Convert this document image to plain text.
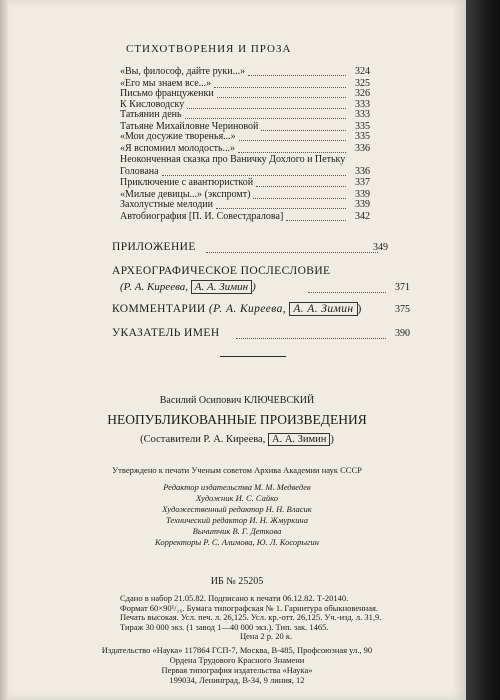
СТИХОТВОРЕНИЯ И ПРОЗА
«Вы, философ, дайте руки...»	324
«Его мы знаем все...»	325
Письмо француженки	326
К Кисловодску	333
Татьянин день	333
Татьяне Михайловне Чериновой	335
«Мои досужие творенья...»	335
«Я вспомнил молодость...»	336
Неоконченная сказка про Ваничку Дохлого и Петьку
Голована	336
Приключение с авантюристкой	337
«Милые девицы...» (экспромт)	339
Захолустные мелодии	339
Автобиография [П. И. Совестдралова]	342
ПРИЛОЖЕНИЕ	349
АРХЕОГРАФИЧЕСКОЕ ПОСЛЕСЛОВИЕ
(Р. А. Киреева, А. А. Зимин )	371
КОММЕНТАРИИ (Р. А. Киреева, А. А. Зимин )	375
УКАЗАТЕЛЬ ИМЕН	390
Василий Осипович КЛЮЧЕВСКИЙ
НЕОПУБЛИКОВАННЫЕ ПРОИЗВЕДЕНИЯ
(Составители Р. А. Киреева, А. А. Зимин )
Утверждено к печати Ученым советом Архива Академии наук СССР
Редактор издательства М. М. Медведев
Художник И. С. Сайко
Художественный редактор Н. Н. Власик
Технический редактор И. Н. Жмуркина
Вычитчик В. Г. Деткова
Корректоры Р. С. Алимова, Ю. Л. Косорыгин
ИБ № 25205
Сдано в набор 21.05.82. Подписано к печати 06.12.82. Т-20140.
Формат 60×90¹/₁₆. Бумага типографская № 1. Гарнитура обыкновенная.
Печать высокая. Усл. печ. л. 26,125. Усл. кр.-отт. 26,125. Уч.-изд. л. 31,9.
Тираж 30 000 экз. (1 завод 1—40 000 экз.). Тип. зак. 1465.
Цена 2 р. 20 к.
Издательство «Наука» 117864 ГСП-7, Москва, В-485, Профсоюзная ул., 90
Ордена Трудового Красного Знамени
Первая типография издательства «Наука»
199034, Ленинград, В-34, 9 линия, 12
